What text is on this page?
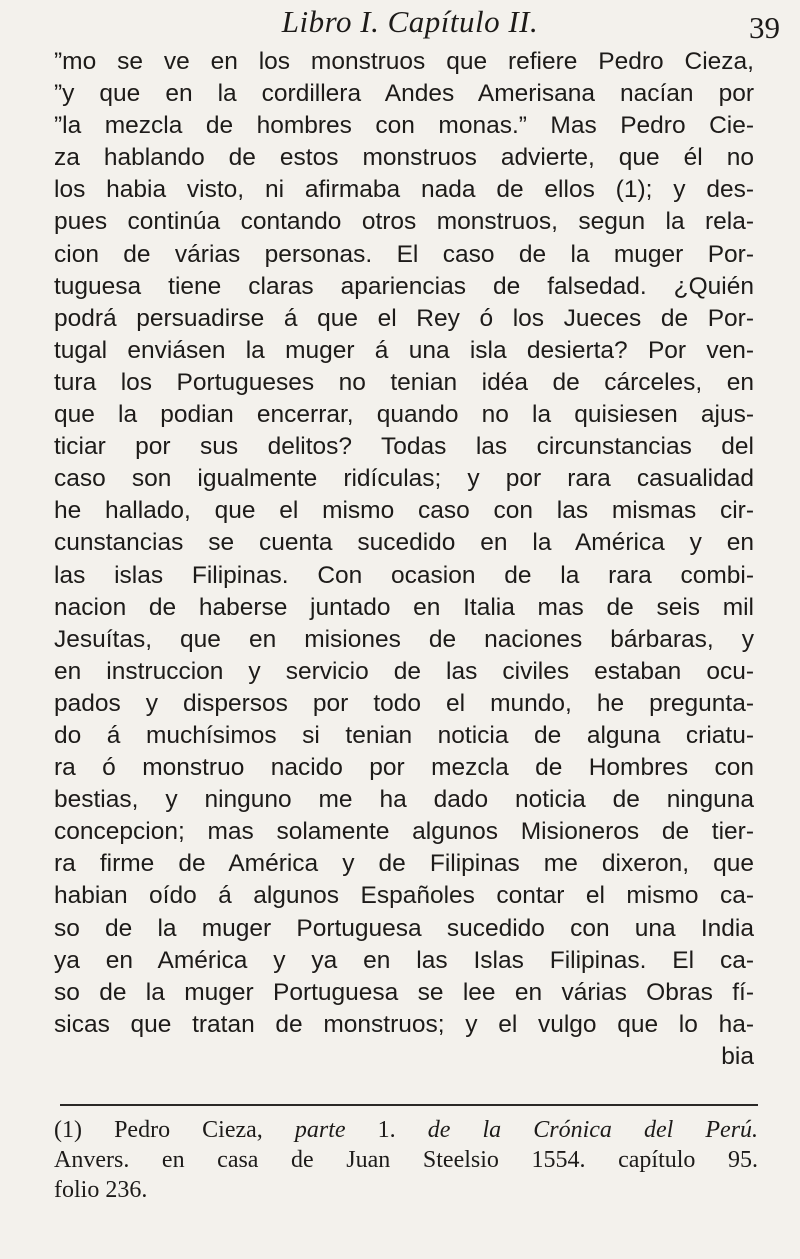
Libro I. Capítulo II.	39
”mo se ve en los monstruos que refiere Pedro Cieza,
”y que en la cordillera Andes Amerisana nacían por
”la mezcla de hombres con monas.” Mas Pedro Cie-
za hablando de estos monstruos advierte, que él no
los habia visto, ni afirmaba nada de ellos (1); y des-
pues continúa contando otros monstruos, segun la rela-
cion de várias personas. El caso de la muger Por-
tuguesa tiene claras apariencias de falsedad. ¿Quién
podrá persuadirse á que el Rey ó los Jueces de Por-
tugal enviásen la muger á una isla desierta? Por ven-
tura los Portugueses no tenian idéa de cárceles, en
que la podian encerrar, quando no la quisiesen ajus-
ticiar por sus delitos? Todas las circunstancias del
caso son igualmente ridículas; y por rara casualidad
he hallado, que el mismo caso con las mismas cir-
cunstancias se cuenta sucedido en la América y en
las islas Filipinas. Con ocasion de la rara combi-
nacion de haberse juntado en Italia mas de seis mil
Jesuítas, que en misiones de naciones bárbaras, y
en instruccion y servicio de las civiles estaban ocu-
pados y dispersos por todo el mundo, he pregunta-
do á muchísimos si tenian noticia de alguna criatu-
ra ó monstruo nacido por mezcla de Hombres con
bestias, y ninguno me ha dado noticia de ninguna
concepcion; mas solamente algunos Misioneros de tier-
ra firme de América y de Filipinas me dixeron, que
habian oído á algunos Españoles contar el mismo ca-
so de la muger Portuguesa sucedido con una India
ya en América y ya en las Islas Filipinas. El ca-
so de la muger Portuguesa se lee en várias Obras fí-
sicas que tratan de monstruos; y el vulgo que lo ha-
bia
(1) Pedro Cieza, parte 1. de la Crónica del Perú.
Anvers. en casa de Juan Steelsio 1554. capítulo 95.
folio 236.
